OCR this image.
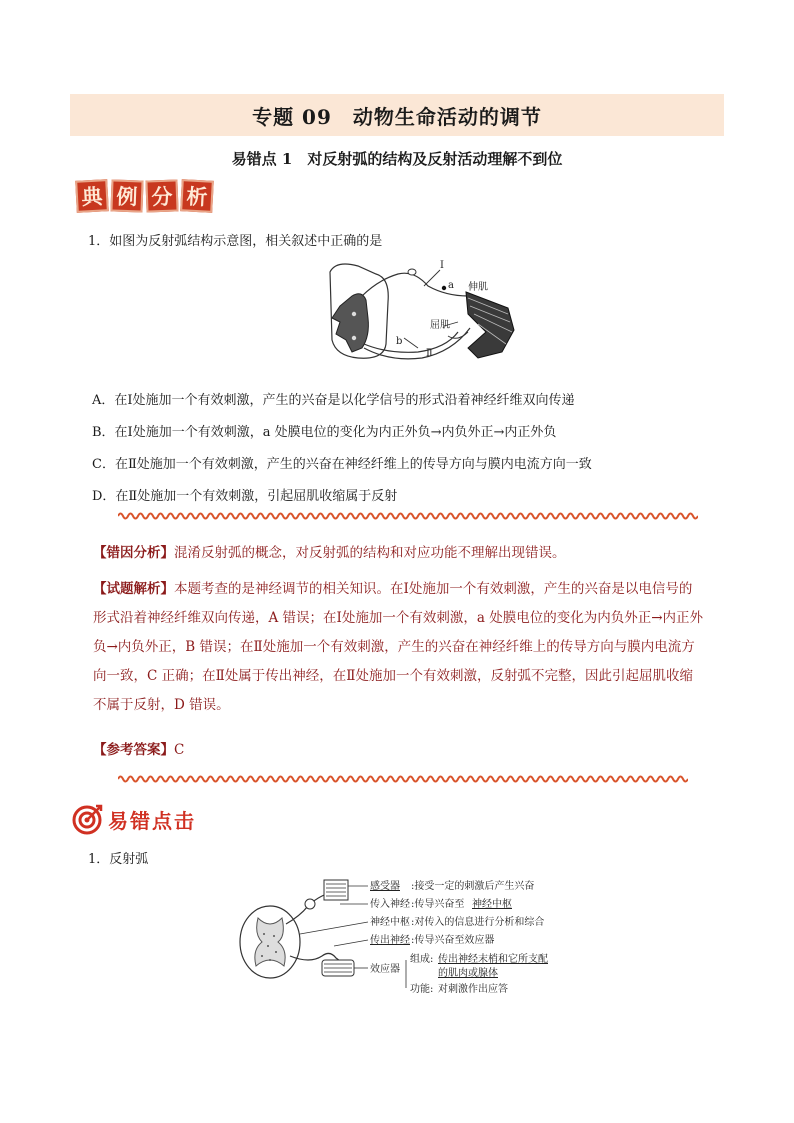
专题 09　动物生命活动的调节
易错点 1　对反射弧的结构及反射活动理解不到位
典 例 分 析
1．如图为反射弧结构示意图，相关叙述中正确的是
Ⅰ
a
b
Ⅱ
伸肌
屈肌
A．在Ⅰ处施加一个有效刺激，产生的兴奋是以化学信号的形式沿着神经纤维双向传递
B．在Ⅰ处施加一个有效刺激，a 处膜电位的变化为内正外负→内负外正→内正外负
C．在Ⅱ处施加一个有效刺激，产生的兴奋在神经纤维上的传导方向与膜内电流方向一致
D．在Ⅱ处施加一个有效刺激，引起屈肌收缩属于反射
【错因分析】混淆反射弧的概念，对反射弧的结构和对应功能不理解出现错误。
【试题解析】本题考查的是神经调节的相关知识。在Ⅰ处施加一个有效刺激，产生的兴奋是以电信号的形式沿着神经纤维双向传递，A 错误；在Ⅰ处施加一个有效刺激，a 处膜电位的变化为内负外正→内正外负→内负外正，B 错误；在Ⅱ处施加一个有效刺激，产生的兴奋在神经纤维上的传导方向与膜内电流方向一致，C 正确；在Ⅱ处属于传出神经，在Ⅱ处施加一个有效刺激，反射弧不完整，因此引起屈肌收缩不属于反射，D 错误。
【参考答案】C
易错点击
1．反射弧
感受器 :接受一定的刺激后产生兴奋
传入神经 :传导兴奋至 神经中枢
神经中枢 :对传入的信息进行分析和综合
传出神经 :传导兴奋至效应器
效应器
组成: 传出神经末梢和它所支配
的肌肉或腺体
功能: 对刺激作出应答
